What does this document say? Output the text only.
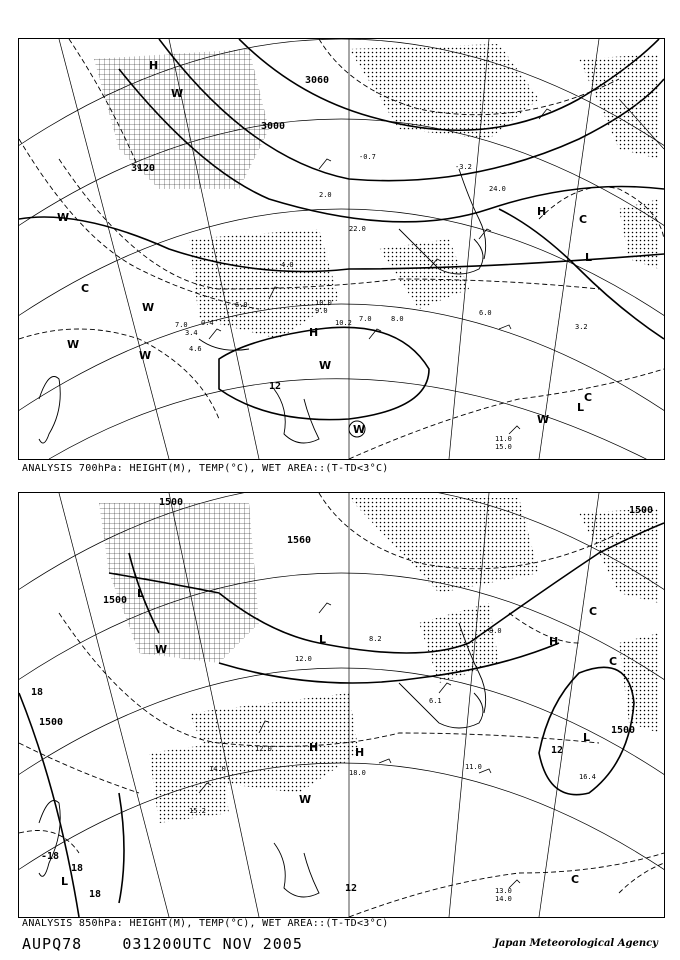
3120
3000
3060
12
W
C
W
W
H
W
W
H
C
L
W
L
C
W
H
W
0.4
3.4
7.0
4.6
6.0	10.0
9.0
10.2	8.0
7.0
-0.7
2.0
11.0
15.0
6.0
3.2
24.0
22.0
4.0
-3.2
ANALYSIS 700hPa: HEIGHT(M), TEMP(°C), WET AREA::(T-TD<3°C)
1500
1500
1500
1500
1560
1500
12
18
18
18
12
-18
L
H
H
W
H
C
L
L
W
C
L
C
15.2
14.0
12.0
16.4
11.0
14.0
18.0
8.2
6.1
13.0
12.0
8.0
ANALYSIS 850hPa: HEIGHT(M), TEMP(°C), WET AREA::(T-TD<3°C)
AUPQ78	031200UTC NOV 2005	Japan Meteorological Agency
